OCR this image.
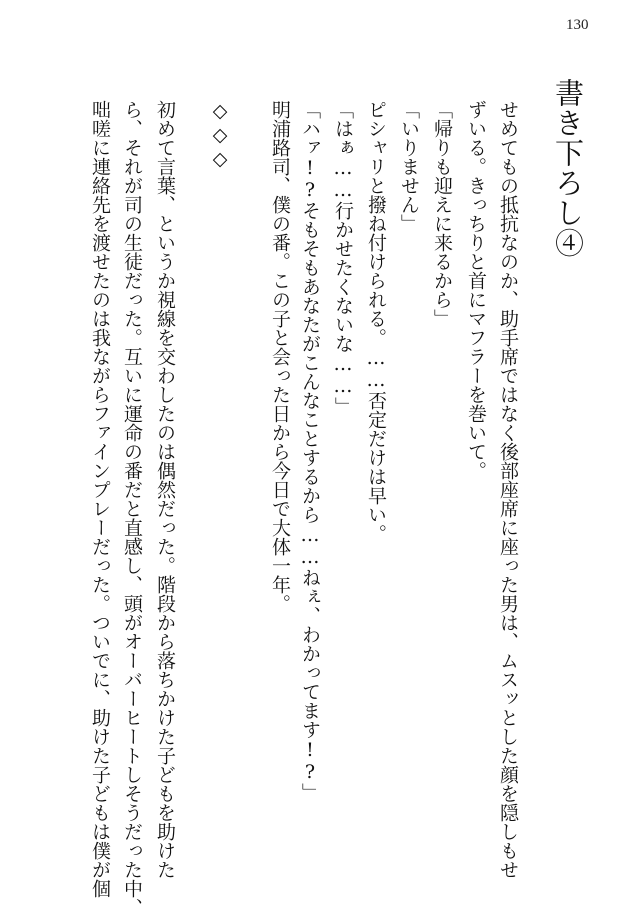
130
書き下ろし④
せめてもの抵抗なのか、助手席ではなく後部座席に座った男は、ムスッとした顔を隠しもせ
ずいる。きっちりと首にマフラーを巻いて。
「帰りも迎えに来るから」
「いりません」
ピシャリと撥ね付けられる。……否定だけは早い。
「はぁ……行かせたくないな……」
「ハァ!?そもそもあなたがこんなことするから……ねぇ、わかってます!?」
明浦路司、僕の番。この子と会った日から今日で大体一年。
◇◇◇
初めて言葉、というか視線を交わしたのは偶然だった。階段から落ちかけた子どもを助けた
ら、それが司の生徒だった。互いに運命の番だと直感し、頭がオーバーヒートしそうだった中、
咄嗟に連絡先を渡せたのは我ながらファインプレーだった。ついでに、助けた子どもは僕が個
